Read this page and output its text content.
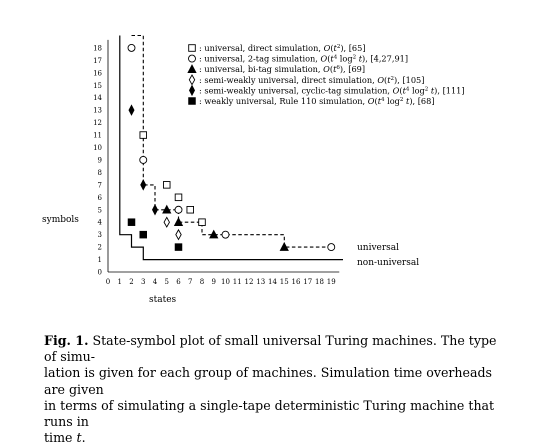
0 1 2 3 4 5 6 7 8 9 10 11 12 13 14 15 16 17 18 19
0
1
2
3
4
5
6
7
8
9
10
11
12
13
14
15
16
17
18	: universal, direct simulation, $O(t^2)$, [65]
: universal, 2-tag simulation, $O(t^4$ $\log^2 t$), [4,27,91]
: universal, bi-tag simulation, $O(t^6)$, [69]
: semi-weakly universal, direct simulation, $O(t^2)$, [105]
: semi-weakly universal, cyclic-tag simulation, $O(t^4$ $\log^2 t$), [111]
: weakly universal, Rule 110 simulation, $O(t^4$ $\log^2 t$), [68]
states
symbols
universal
non-universal
Fig. 1. State-symbol plot of small universal Turing machines. The type of simu-
lation is given for each group of machines. Simulation time overheads are given
in terms of simulating a single-tape deterministic Turing machine that runs in
time t.
